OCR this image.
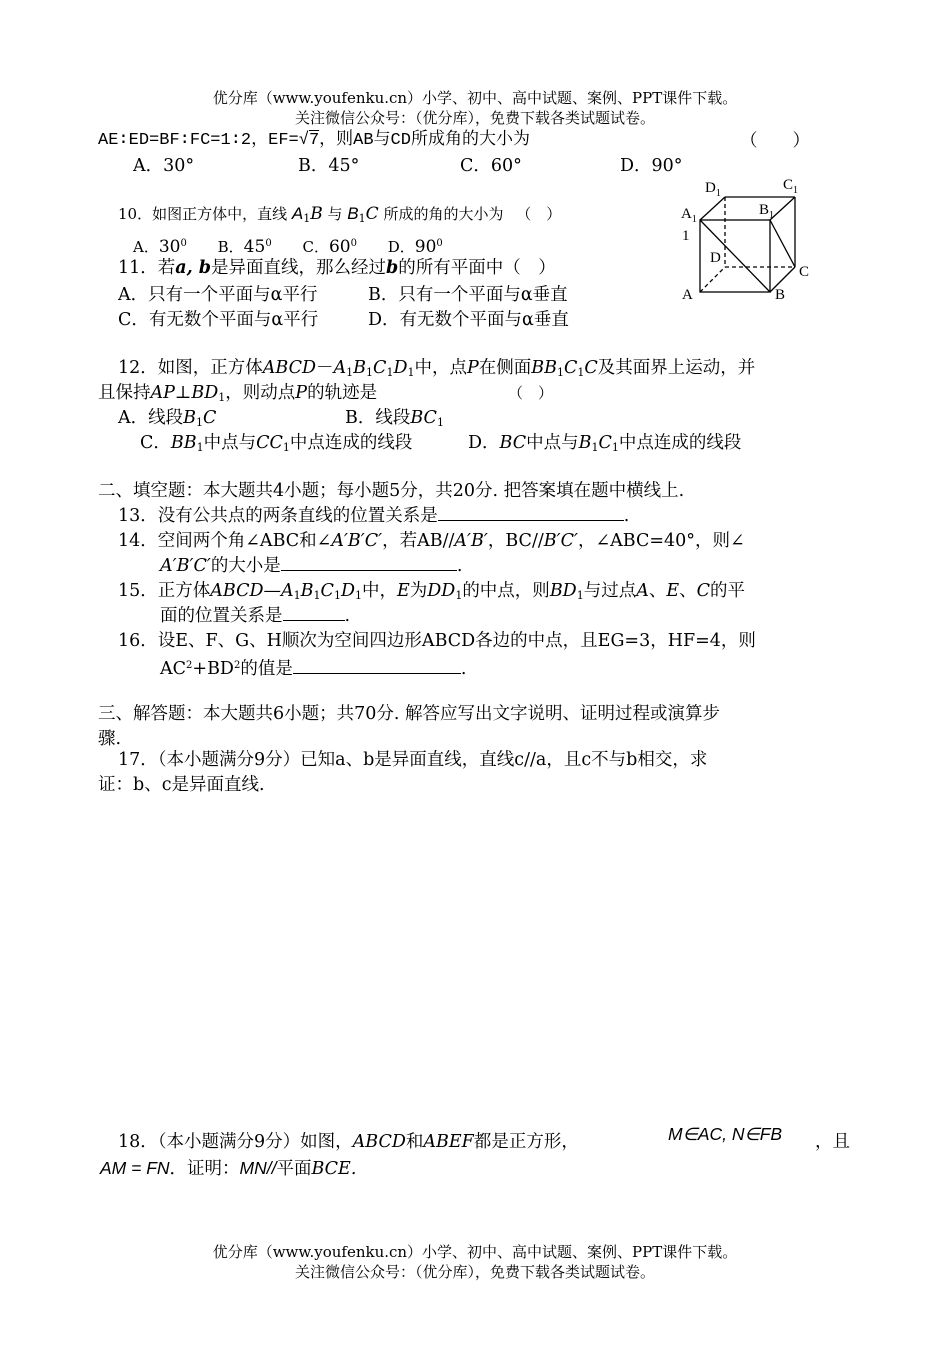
优分库（www.youfenku.cn）小学、初中、高中试题、案例、PPT课件下载。
关注微信公众号：（优分库），免费下载各类试题试卷。
AE∶ED=BF∶FC=1∶2，EF=√7，则AB与CD所成角的大小为	（　　）
A．30°	B．45°	C．60°	D．90°
10．如图正方体中，直线 $A_1B$ 与 $B_1C$ 所成的角的大小为 （　）
A．$30^0$ B．$45^0$ C．$60^0$ D．$90^0$
$D_1$
$C_1$
$A_1$
$B_1$
1
D
C
A	B
11．若a, b是异面直线，那么经过b的所有平面中（　）
A．只有一个平面与α平行	B．只有一个平面与α垂直
C．有无数个平面与α平行	D．有无数个平面与α垂直
12．如图，正方体$ABCD-A_1B_1C_1D_1$中，点P在侧面$BB_1C_1C$及其面界上运动，并
且保持$AP\perp BD_1$，则动点P的轨迹是	（　）
A．线段$B_1C$	B．线段$BC_1$
C．$BB_1$中点与$CC_1$中点连成的线段	D．BC中点与$B_1C_1$中点连成的线段
二、填空题：本大题共4小题；每小题5分，共20分. 把答案填在题中横线上.
13．没有公共点的两条直线的位置关系是	.
14．空间两个角∠ABC和∠A′B′C′，若AB//A′B′，BC//B′C′，∠ABC=40°，则∠
A′B′C′的大小是	.
15．正方体$ABCD—A_1B_1C_1D_1$中，E为$DD_1$的中点，则$BD_1$与过点A、E、C的平
面的位置关系是	.
16．设E、F、G、H顺次为空间四边形ABCD各边的中点，且EG=3，HF=4，则
$AC^2+BD^2$的值是	.
三、解答题：本大题共6小题；共70分. 解答应写出文字说明、证明过程或演算步
骤.
17．（本小题满分9分）已知a、b是异面直线，直线c//a，且c不与b相交，求
证：b、c是异面直线.
18．（本小题满分9分）如图，ABCD和ABEF都是正方形，	M∈AC, N∈FB ，且
AM = FN．证明：MN//平面BCE.
优分库（www.youfenku.cn）小学、初中、高中试题、案例、PPT课件下载。
关注微信公众号：（优分库），免费下载各类试题试卷。
